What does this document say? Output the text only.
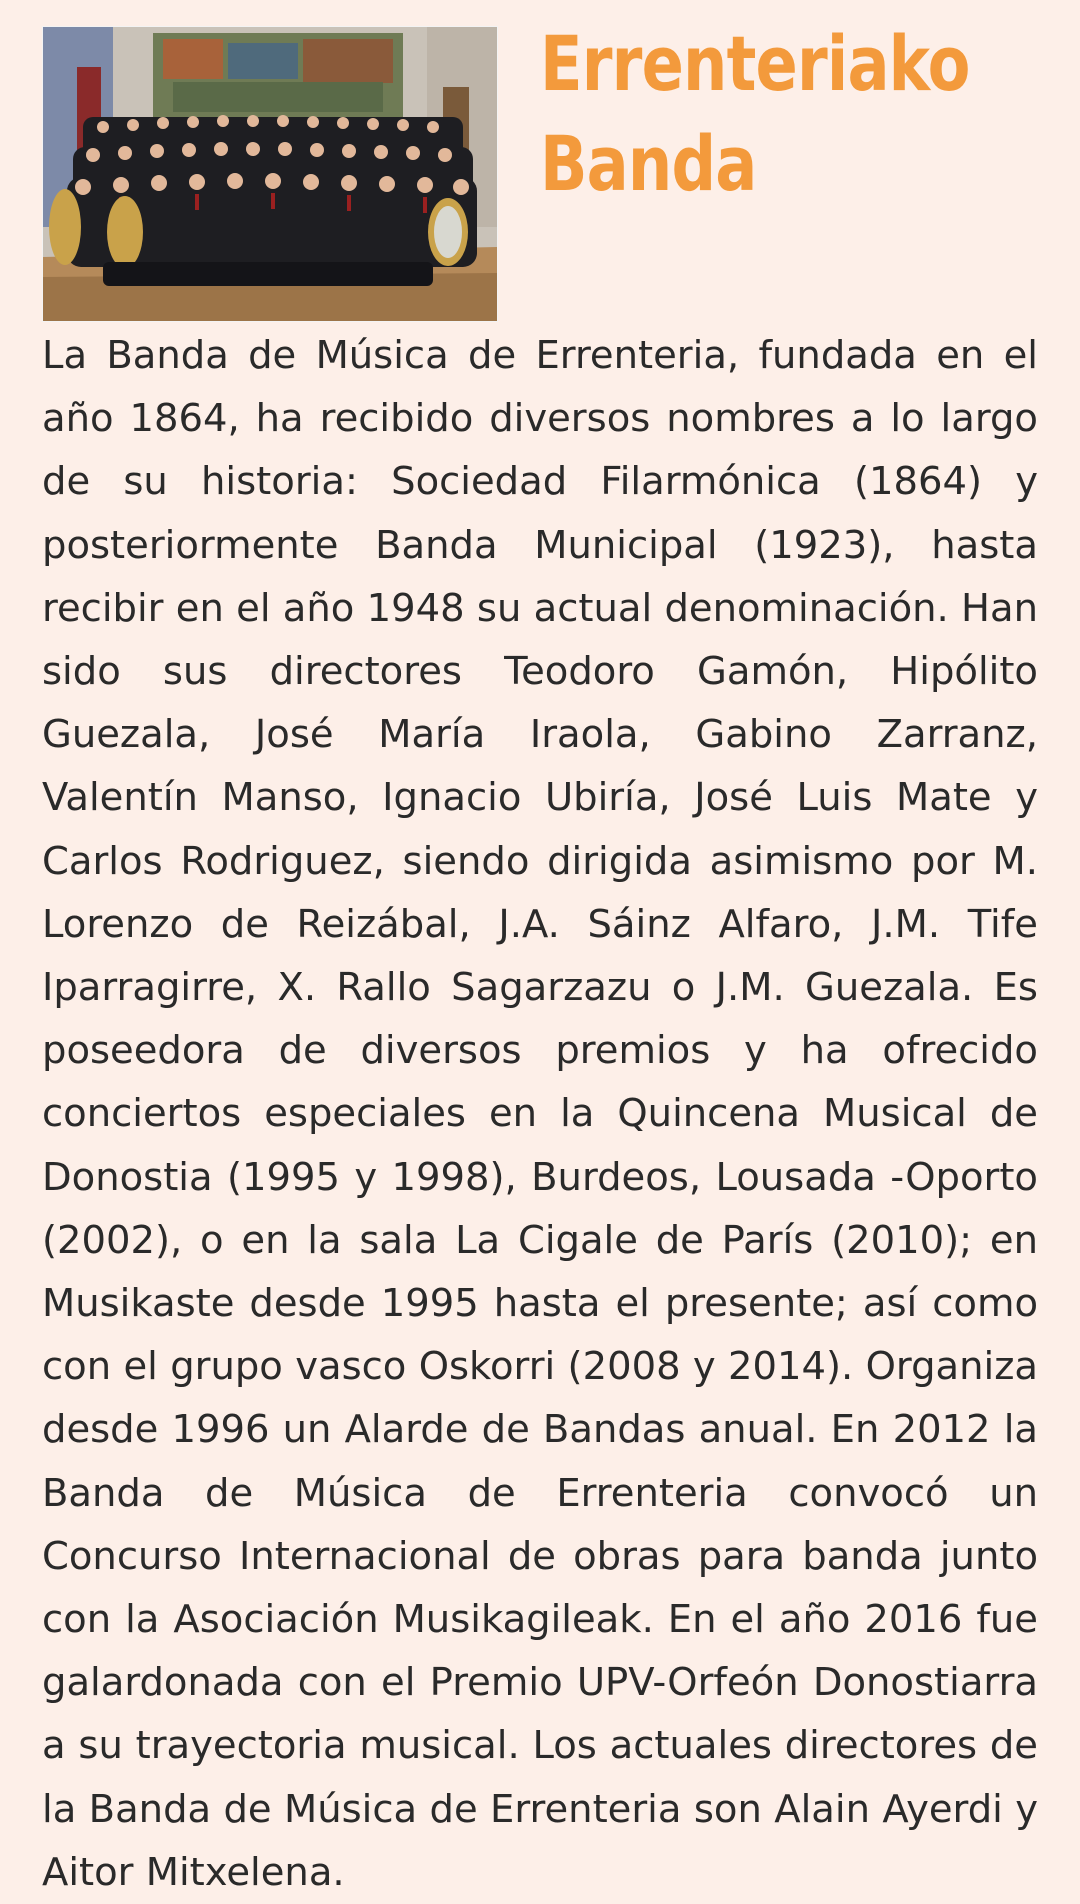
Errenteriako
Banda

La Banda de Música de Errenteria, fundada en el año 1864, ha recibido diversos nombres a lo largo de su historia: Sociedad Filarmónica (1864) y posteriormente Banda Municipal (1923), hasta recibir en el año 1948 su actual denominación. Han sido sus directores Teodoro Gamón, Hipólito Guezala, José María Iraola, Gabino Zarranz, Valentín Manso, Ignacio Ubiría, José Luis Mate y Carlos Rodriguez, siendo dirigida asimismo por M. Lorenzo de Reizábal, J.A. Sáinz Alfaro, J.M. Tife Iparragirre, X. Rallo Sagarzazu o J.M. Guezala. Es poseedora de diversos premios y ha ofrecido conciertos especiales en la Quincena Musical de Donostia (1995 y 1998), Burdeos, Lousada -Oporto (2002), o en la sala La Cigale de París (2010); en Musikaste desde 1995 hasta el presente; así como con el grupo vasco Oskorri (2008 y 2014). Organiza desde 1996 un Alarde de Bandas anual. En 2012 la Banda de Música de Errenteria convocó un Concurso Internacional de obras para banda junto con la Asociación Musikagileak. En el año 2016 fue galardonada con el Premio UPV-Orfeón Donostiarra a su trayectoria musical. Los actuales directores de la Banda de Música de Errenteria son Alain Ayerdi y Aitor Mitxelena.
